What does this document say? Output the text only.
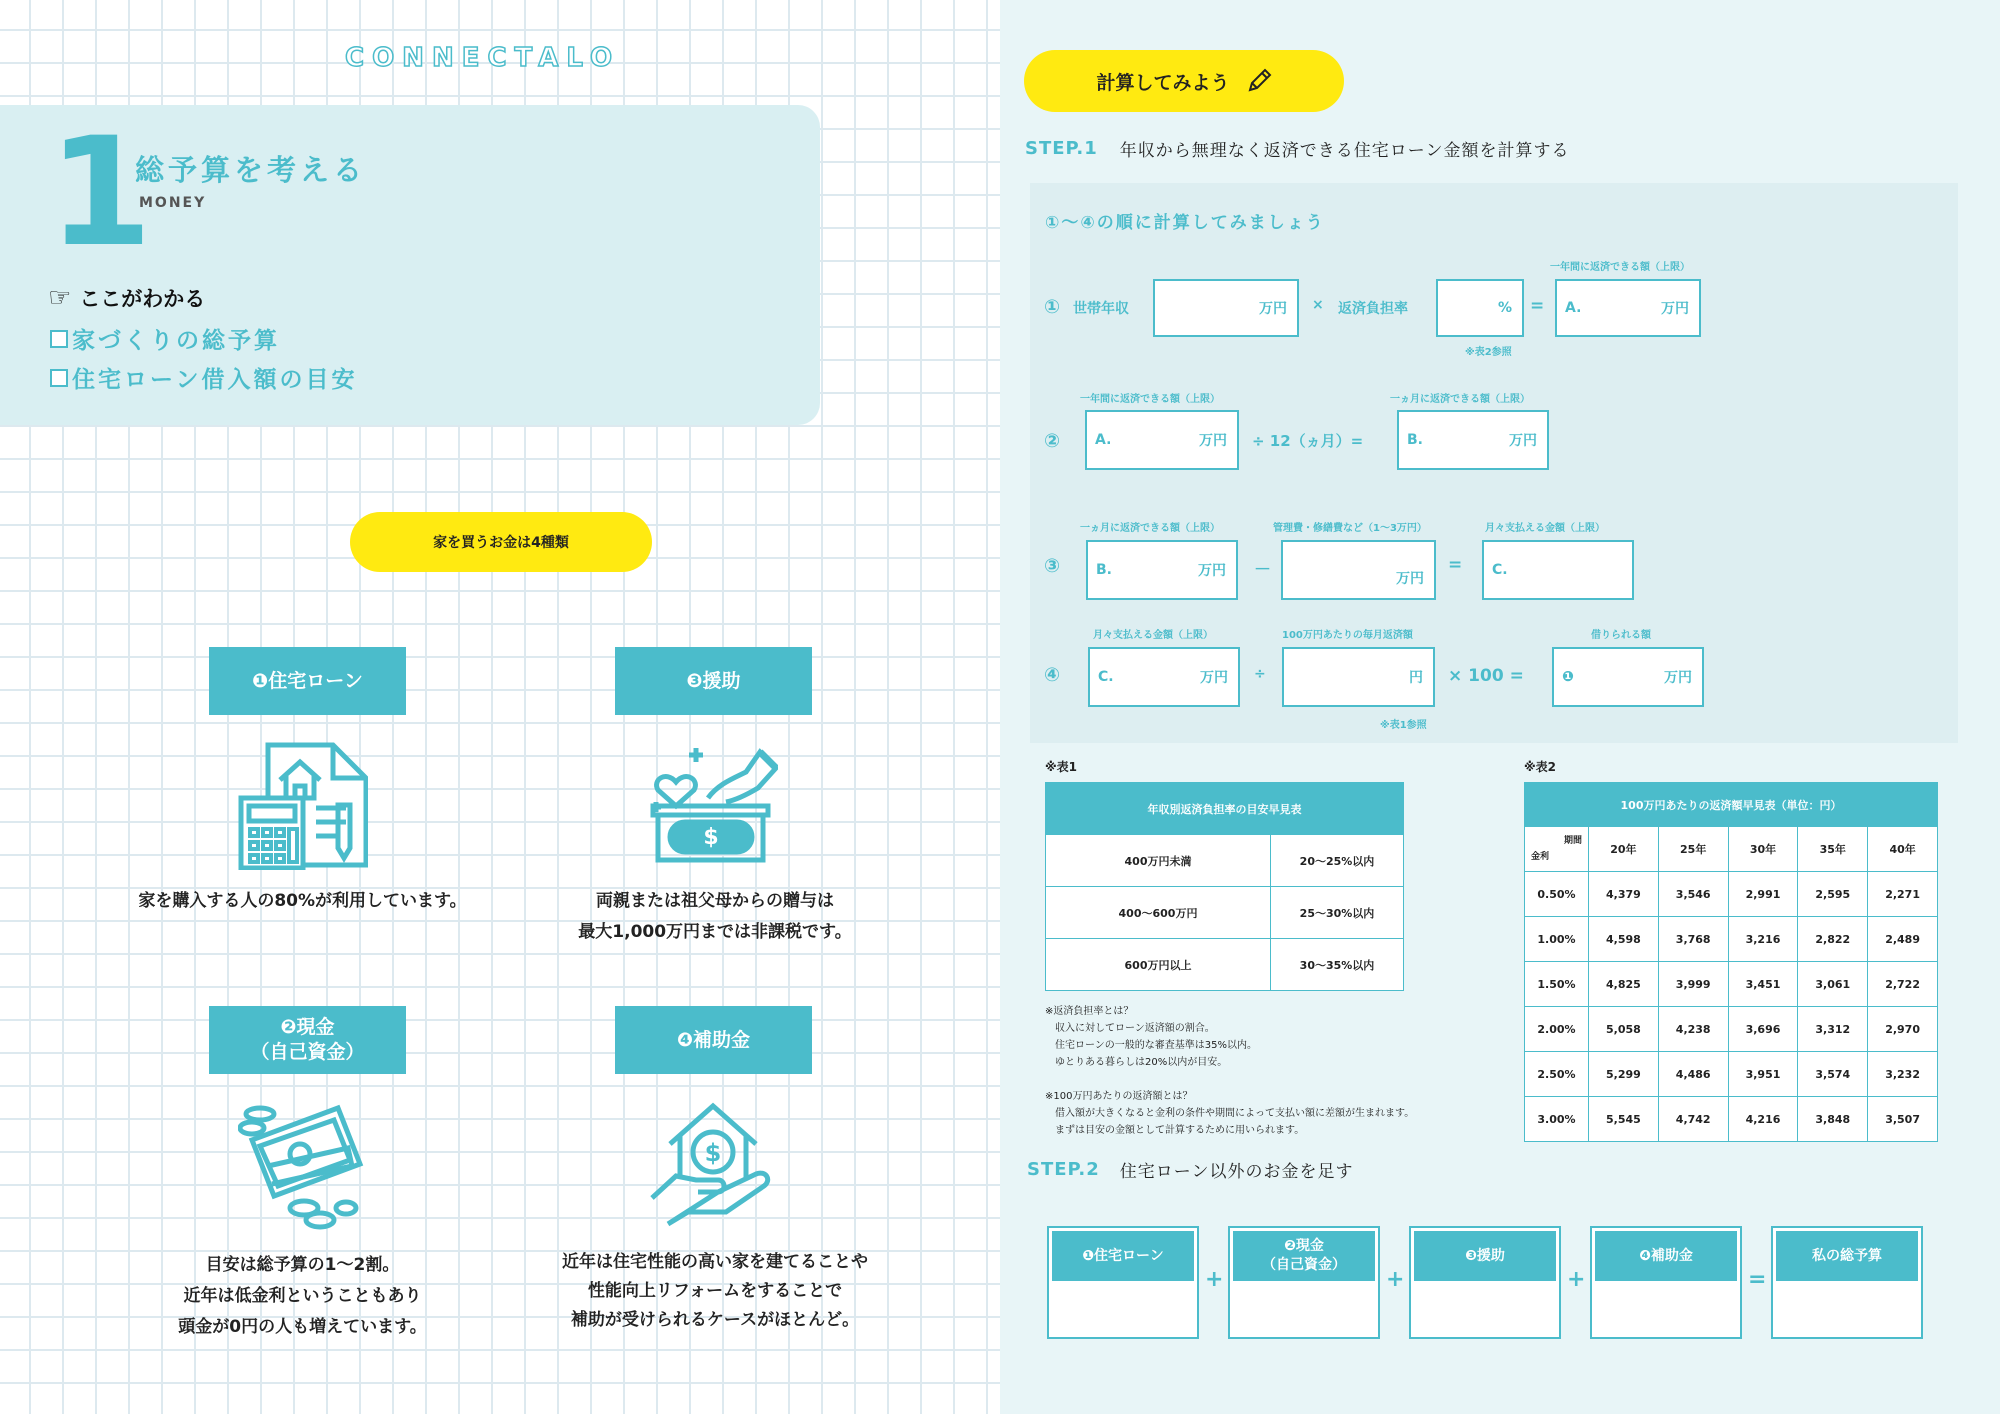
CONNECTALO
1
総予算を考える
MONEY
☞ ここがわかる
家づくりの総予算
住宅ローン借入額の目安
家を買うお金は4種類
❶住宅ローン	❸援助
❷現金
（自己資金）
❹補助金
$
$
家を購入する人の80%が利用しています。	両親または祖父母からの贈与は
最大1,000万円までは非課税です。
目安は総予算の1～2割。
近年は低金利ということもあり
頭金が0円の人も増えています。
近年は住宅性能の高い家を建てることや
性能向上リフォームをすることで
補助が受けられるケースがほとんど。
計算してみよう
STEP.1 年収から無理なく返済できる住宅ローン金額を計算する
①～④の順に計算してみましょう
① 世帯年収	万円 × 返済負担率	% =
一年間に返済できる額（上限）
A.	万円
※表2参照
②
一年間に返済できる額（上限）
A.	万円 ÷ 12（ヵ月）=
一ヵ月に返済できる額（上限）
B.	万円
③
一ヵ月に返済できる額（上限）
B.	万円 －
管理費・修繕費など（1～3万円）
万円
=
月々支払える金額（上限）
C.
④
月々支払える金額（上限）
C.	万円 ÷
100万円あたりの毎月返済額
円 × 100 =
借りられる額
❶	万円
※表1参照
※表1
年収別返済負担率の目安早見表	
400万円未満	20～25%以内
400～600万円	25～30%以内
600万円以上	30～35%以内
※返済負担率とは？
　収入に対してローン返済額の割合。
　住宅ローンの一般的な審査基準は35%以内。
　ゆとりある暮らしは20%以内が目安。

※100万円あたりの返済額とは？
　借入額が大きくなると金利の条件や期間によって支払い額に差額が生まれます。
　まずは目安の金額として計算するために用いられます。
※表2
100万円あたりの返済額早見表（単位：円）					

期間
金利	20年	25年	30年	35年	40年
0.50%	4,379	3,546	2,991	2,595	2,271
1.00%	4,598	3,768	3,216	2,822	2,489
1.50%	4,825	3,999	3,451	3,061	2,722
2.00%	5,058	4,238	3,696	3,312	2,970
2.50%	5,299	4,486	3,951	3,574	3,232
3.00%	5,545	4,742	4,216	3,848	3,507
STEP.2 住宅ローン以外のお金を足す
❶住宅ローン
+
❷現金
（自己資金）
+
❸援助
+
❹補助金
=
私の総予算
